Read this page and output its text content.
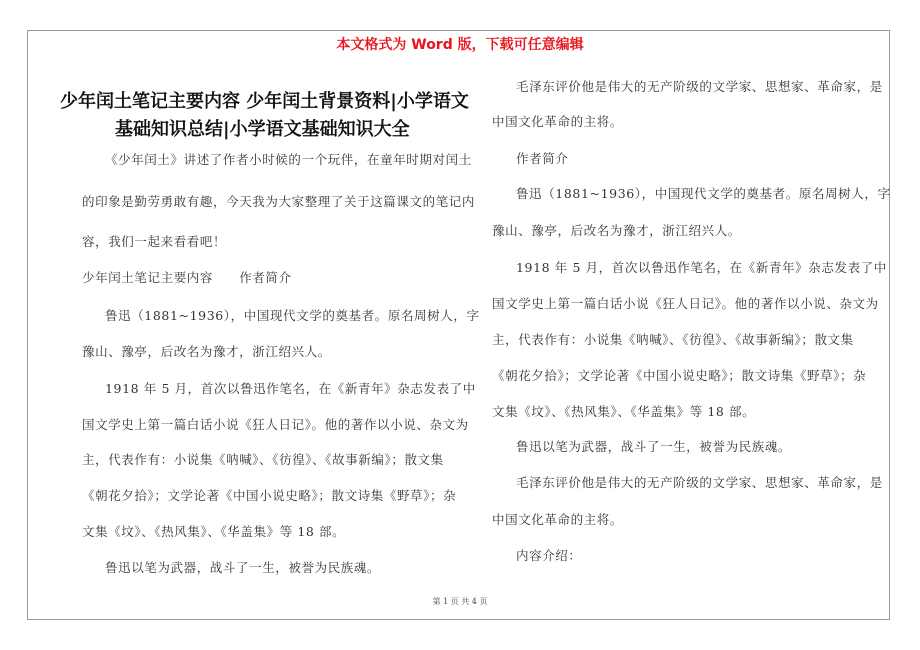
本文格式为 Word 版，下载可任意编辑
少年闰土笔记主要内容 少年闰土背景资料|小学语文
基础知识总结|小学语文基础知识大全
《少年闰土》讲述了作者小时候的一个玩伴，在童年时期对闰土
的印象是勤劳勇敢有趣，今天我为大家整理了关于这篇课文的笔记内
容，我们一起来看看吧！
少年闰土笔记主要内容　　作者简介
鲁迅（1881~1936），中国现代文学的奠基者。原名周树人，字
豫山、豫亭，后改名为豫才，浙江绍兴人。
1918 年 5 月，首次以鲁迅作笔名，在《新青年》杂志发表了中
国文学史上第一篇白话小说《狂人日记》。他的著作以小说、杂文为
主，代表作有：小说集《呐喊》、《彷徨》、《故事新编》；散文集
《朝花夕拾》；文学论著《中国小说史略》；散文诗集《野草》；杂
文集《坟》、《热风集》、《华盖集》等 18 部。
鲁迅以笔为武器，战斗了一生，被誉为民族魂。
毛泽东评价他是伟大的无产阶级的文学家、思想家、革命家，是
中国文化革命的主将。
作者简介
鲁迅（1881~1936），中国现代文学的奠基者。原名周树人，字
豫山、豫亭，后改名为豫才，浙江绍兴人。
1918 年 5 月，首次以鲁迅作笔名，在《新青年》杂志发表了中
国文学史上第一篇白话小说《狂人日记》。他的著作以小说、杂文为
主，代表作有：小说集《呐喊》、《彷徨》、《故事新编》；散文集
《朝花夕拾》；文学论著《中国小说史略》；散文诗集《野草》；杂
文集《坟》、《热风集》、《华盖集》等 18 部。
鲁迅以笔为武器，战斗了一生，被誉为民族魂。
毛泽东评价他是伟大的无产阶级的文学家、思想家、革命家，是
中国文化革命的主将。
内容介绍：
第 1 页 共 4 页
